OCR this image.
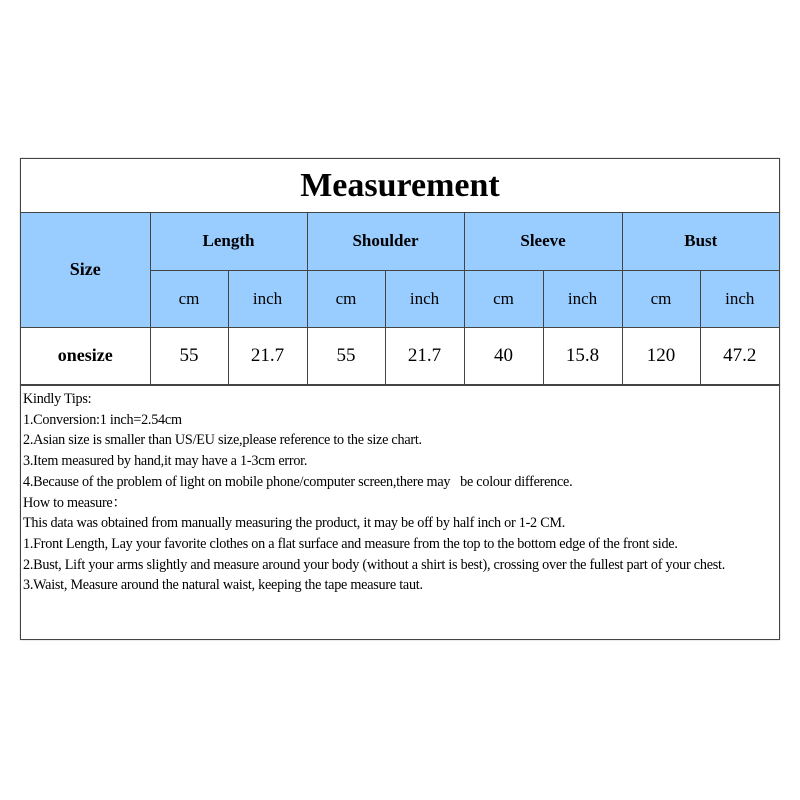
Measurement
Size	Length		Shoulder		Sleeve		Bust	
	cm	inch	cm	inch	cm	inch	cm	inch
onesize	55	21.7	55	21.7	40	15.8	120	47.2
Kindly Tips:
1.Conversion:1 inch=2.54cm
2.Asian size is smaller than US/EU size,please reference to the size chart.
3.Item measured by hand,it may have a 1-3cm error.
4.Because of the problem of light on mobile phone/computer screen,there may   be colour difference.
How to measure：
This data was obtained from manually measuring the product, it may be off by half inch or 1-2 CM.
1.Front Length, Lay your favorite clothes on a flat surface and measure from the top to the bottom edge of the front side.
2.Bust, Lift your arms slightly and measure around your body (without a shirt is best), crossing over the fullest part of your chest.
3.Waist, Measure around the natural waist, keeping the tape measure taut.
